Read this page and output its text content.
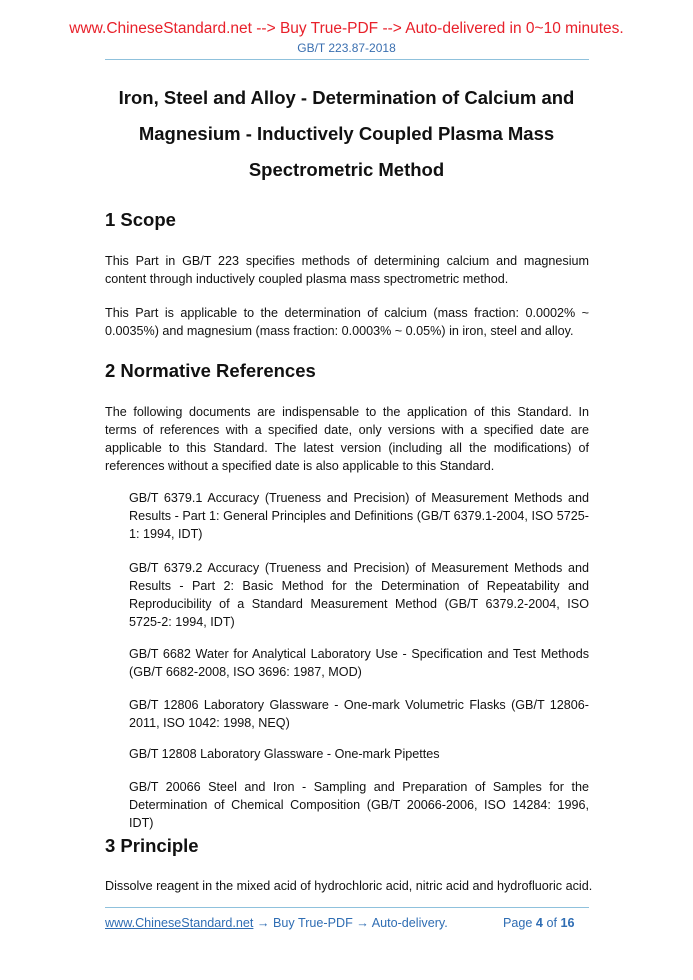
www.ChineseStandard.net --> Buy True-PDF --> Auto-delivered in 0~10 minutes.
GB/T 223.87-2018
Iron, Steel and Alloy - Determination of Calcium and
Magnesium - Inductively Coupled Plasma Mass
Spectrometric Method
1 Scope
This Part in GB/T 223 specifies methods of determining calcium and magnesium content through inductively coupled plasma mass spectrometric method.
This Part is applicable to the determination of calcium (mass fraction: 0.0002% ~ 0.0035%) and magnesium (mass fraction: 0.0003% ~ 0.05%) in iron, steel and alloy.
2 Normative References
The following documents are indispensable to the application of this Standard. In terms of references with a specified date, only versions with a specified date are applicable to this Standard. The latest version (including all the modifications) of references without a specified date is also applicable to this Standard.
GB/T 6379.1 Accuracy (Trueness and Precision) of Measurement Methods and Results - Part 1: General Principles and Definitions (GB/T 6379.1-2004, ISO 5725-1: 1994, IDT)
GB/T 6379.2 Accuracy (Trueness and Precision) of Measurement Methods and Results - Part 2: Basic Method for the Determination of Repeatability and Reproducibility of a Standard Measurement Method (GB/T 6379.2-2004, ISO 5725-2: 1994, IDT)
GB/T 6682 Water for Analytical Laboratory Use - Specification and Test Methods (GB/T 6682-2008, ISO 3696: 1987, MOD)
GB/T 12806 Laboratory Glassware - One-mark Volumetric Flasks (GB/T 12806-2011, ISO 1042: 1998, NEQ)
GB/T 12808 Laboratory Glassware - One-mark Pipettes
GB/T 20066 Steel and Iron - Sampling and Preparation of Samples for the Determination of Chemical Composition (GB/T 20066-2006, ISO 14284: 1996, IDT)
3 Principle
Dissolve reagent in the mixed acid of hydrochloric acid, nitric acid and hydrofluoric acid.
www.ChineseStandard.net → Buy True-PDF → Auto-delivery.	Page 4 of 16
